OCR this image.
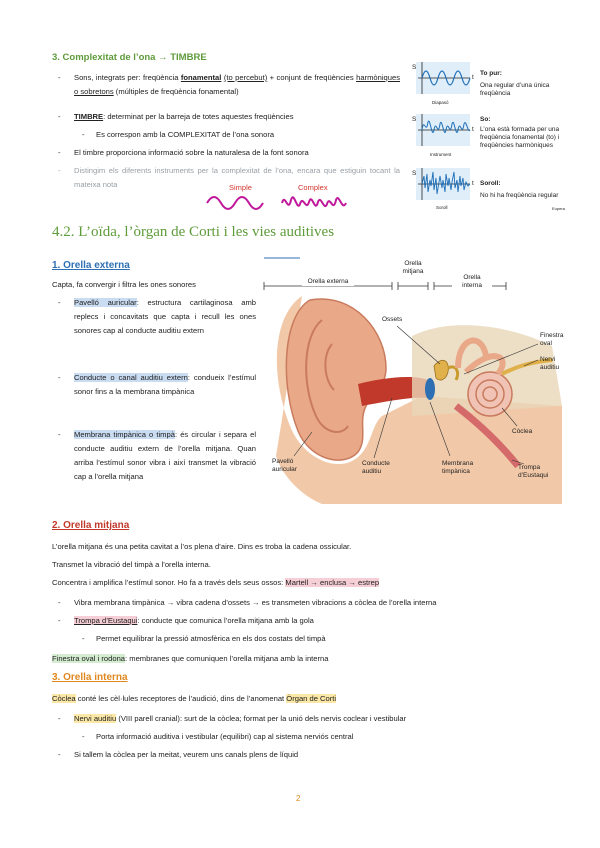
3. Complexitat de l’ona → TIMBRE
- Sons, integrats per: freqüència fonamental (to percebut) + conjunt de freqüències harmòniques o sobretons (múltiples de freqüència fonamental)
- TIMBRE: determinat per la barreja de totes aquestes freqüències
- Es correspon amb la COMPLEXITAT de l’ona sonora
- El timbre proporciona informació sobre la naturalesa de la font sonora
- Distingim els diferents instruments per la complexitat de l’ona, encara que estiguin tocant la mateixa nota	Simple	Complex
S
t
Diapasó
To pur:
Ona regular d’una única freqüència
S
t
Instrument
So:
L’ona està formada per una freqüència fonamental (to) i freqüències harmòniques
S
t
Soroll
Soroll:
No hi ha freqüència regular
Eupera
4.2. L’oïda, l’òrgan de Corti i les vies auditives
1. Orella externa
Capta, fa convergir i filtra les ones sonores
- Pavelló auricular: estructura cartilaginosa amb replecs i concavitats que capta i recull les ones sonores cap al conducte auditiu extern
- Conducte o canal auditiu extern: condueix l’estímul sonor fins a la membrana timpànica
- Membrana timpànica o timpà: és circular i separa el conducte auditiu extern de l’orella mitjana. Quan arriba l’estímul sonor vibra i així transmet la vibració cap a l’orella mitjana
Orella externa
Orella mitjana
Orella interna
Ossets
Finestra oval
Nervi auditiu
Còclea
Trompa d’Eustaqui
Pavelló auricular
Conducte auditiu
Membrana timpànica
2. Orella mitjana
L’orella mitjana és una petita cavitat a l’os plena d’aire. Dins es troba la cadena ossicular.
Transmet la vibració del timpà a l’orella interna.
Concentra i amplifica l’estímul sonor. Ho fa a través dels seus ossos: Martell → enclusa → estrep
- Vibra membrana timpànica → vibra cadena d’ossets → es transmeten vibracions a còclea de l’orella interna
- Trompa d’Eustaqui: conducte que comunica l’orella mitjana amb la gola
- Permet equilibrar la pressió atmosfèrica en els dos costats del timpà
Finestra oval i rodona: membranes que comuniquen l’orella mitjana amb la interna
3. Orella interna
Còclea conté les cèl·lules receptores de l’audició, dins de l’anomenat Òrgan de Corti
- Nervi auditiu (VIII parell cranial): surt de la còclea; format per la unió dels nervis coclear i vestibular
- Porta informació auditiva i vestibular (equilibri) cap al sistema nerviós central
- Si tallem la còclea per la meitat, veurem uns canals plens de líquid
2
